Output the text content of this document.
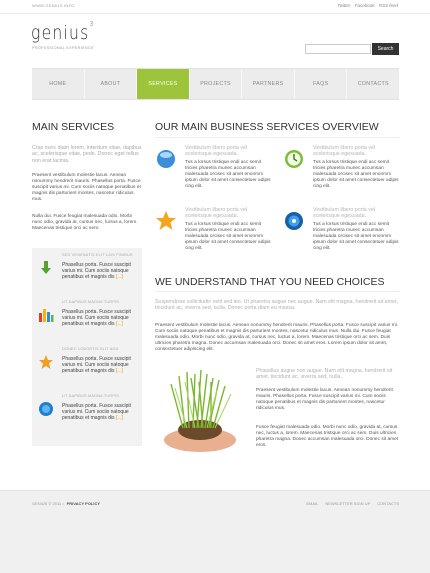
WWW.GENIUS.INFO	Twitter Facebook RSS feed
genius$^3$
PROFESSIONAL EXPERIENCE	Search
HOME	ABOUT	SERVICES	PROJECTS	PARTNERS	FAQS	CONTACTS
MAIN SERVICES
Cras nunc diam lorem, interdum vitae, dapibus ac, scelerisque vitae, pede. Donec eget tellus non erat lacinia.
Praesent vestibulum molestie lacus. Aenean nonummy hendrerit mauris. Phasellus porta. Fusce suscipit varius mi. Cum sociis natoque penatibus et magnis dis parturient montes, nascetur ridiculus mus.
Nulla dui. Fusce feugiat malesuada odio. Morbi nunc odio, gravida at, cursus nec, luctus a, lorem. Maecenas tristique orci ac sem.
SED VENENATIS ELIT LAIS FINIBUS
Phasellus porta. Fusce suscipit varius mi. Cum sociis natoque penatibus et magnis dis [...]
UT DAPIBUS MAGNA TURPIS
Phasellus porta. Fusce suscipit varius mi. Cum sociis natoque penatibus et magnis dis [...]
DONEC LOBORTIS ELIT AGU
Phasellus porta. Fusce suscipit varius mi. Cum sociis natoque penatibus et magnis dis [...]
UT DAPIBUS MAGNA TURPIS
Phasellus porta. Fusce suscipit varius mi. Cum sociis natoque penatibus et magnis dis [...]
OUR MAIN BUSINESS SERVICES OVERVIEW
Vestibulum libero porta vel scelerisque egesuada.
Tus a lorsus tristique endi acc semit tricies pharetra munec accumsan malesuada orcisec sit amet enonmm ipsum dolor sit amet consectetuer adipis cing elit.
Vestibulum libero porta vel scelerisque egesuada.
Tus a lorsus tristique endi acc semit tricies pharetra munec accumsan malesuada orcisec sit amet enonmm ipsum dolor sit amet consectetuer adipis cing elit.
Vestibulum libero porta vel scelerisque egesuada.
Tus a lorsus tristique endi acc semit tricies pharetra munec accumsan malesuada orcisec sit amet enonmm ipsum dolor sit amet consectetuer adipis cing elit.
Vestibulum libero porta vel scelerisque egesuada.
Tus a lorsus tristique endi acc semit tricies pharetra munec accumsan malesuada orcisec sit amet enonmm ipsum dolor sit amet consectetuer adipis cing elit.
WE UNDERSTAND THAT YOU NEED CHOICES
Suspendisse sollicitudin velit sed leo. Ut pharetra augue nec augue. Nam elit magna, hendrerit sit amet, tincidunt ac, viverra sed, nulla. Donec porta diam eu massa.
Praesent vestibulum molestie lacus. Aenean nonummy hendrerit mauris. Phasellus porta. Fusce suscipit varius mi. Cum sociis natoque penatibus et magnis dis parturient montes, nascetur ridiculus mus. Nulla dui. Fusce feugiat malesuada odio. Morbi nunc odio, gravida at, cursus nec, luctus a, lorem. Maecenas tristique orci ac sem. Duis ultricies pharetra magna. Donec accumsan malesuada orci. Donec sit amet eros. Lorem ipsum dolor sit amet, consectetuer adipiscing elit.
Phasellus augue non augue. Nam elit magna, hendrerit sit amet, tincidunt ac, viverra sed, nulla.
Praesent vestibulum molestie lacus. Aenean nonummy hendrerit mauris. Phasellus porta. Fusce suscipit varius mi. Cum sociis natoque penatibus et magnis dis parturient montes, nascetur ridiculus mus.
Fusce feugiat malesuada odio. Morbi nunc odio, gravida at, cursus nec, luctus a, lorem. Maecenas tristique orci ac sem. Duis ultricies pharetra magna. Donec accumsan malesuada orci. Donec sit amet eros.
GENIUS © 2011 • PRIVACY POLICY	EMAIL NEWSLETTER SIGN UP CONTACTS
